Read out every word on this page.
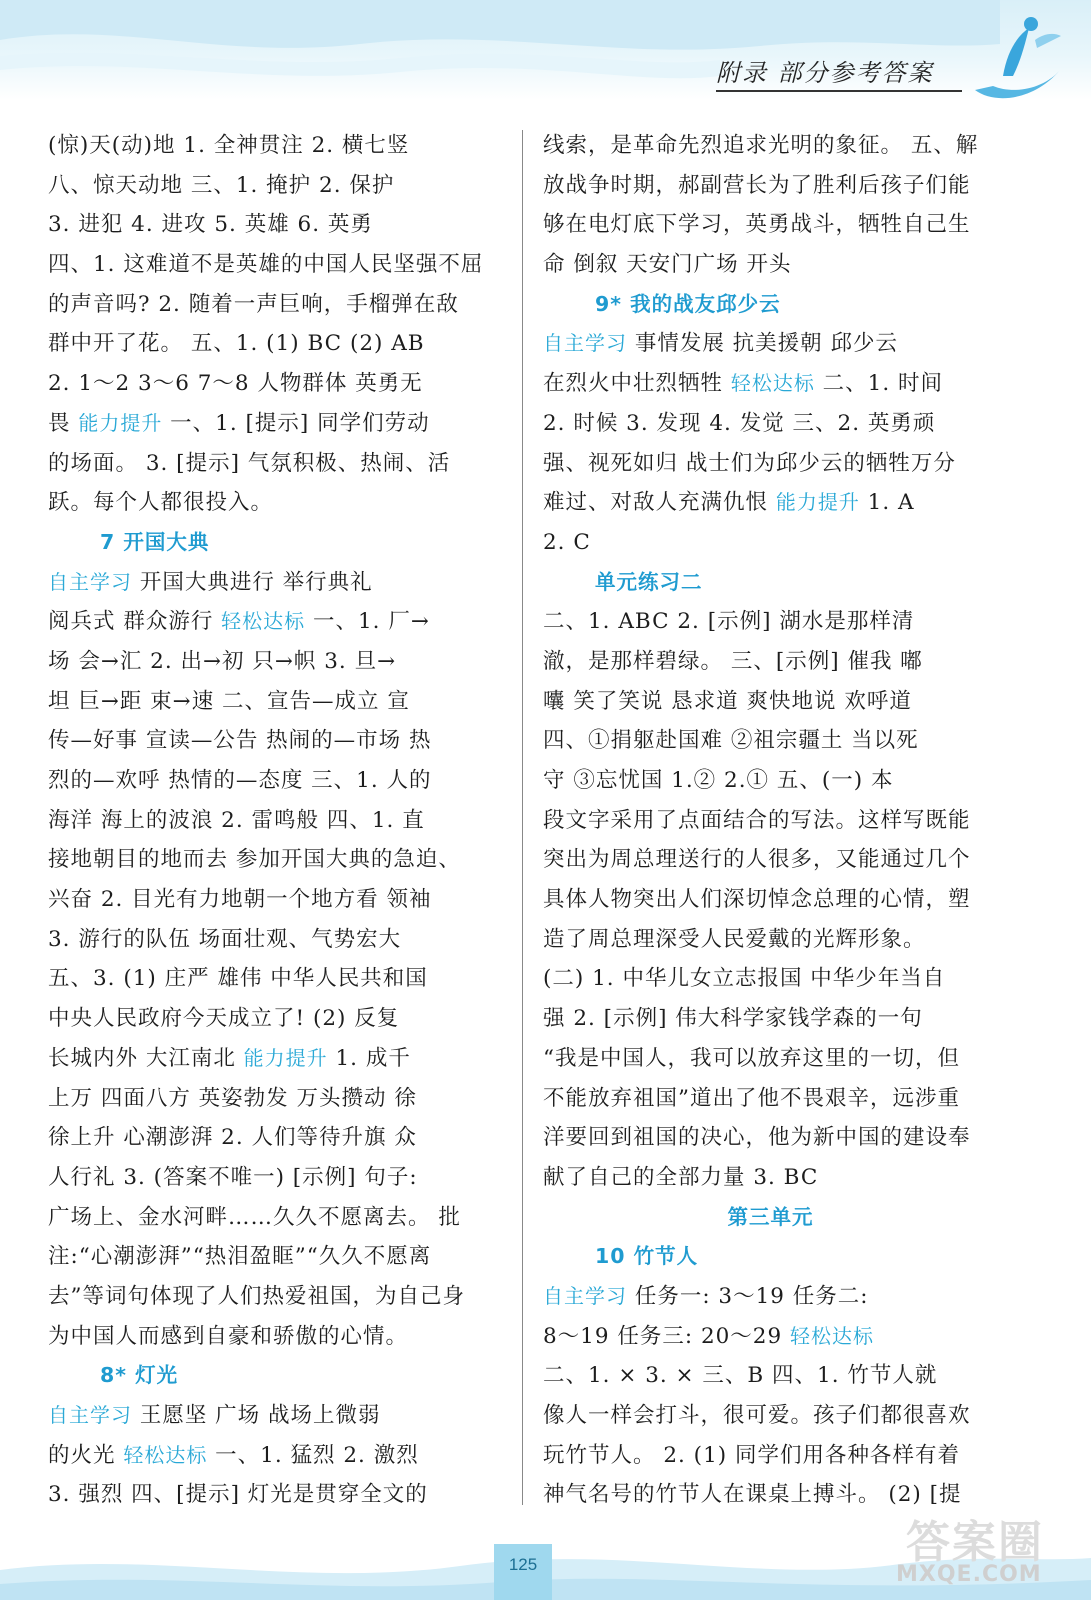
附录 部分参考答案
(惊)天(动)地 1. 全神贯注 2. 横七竖
八、惊天动地 三、1. 掩护 2. 保护
3. 进犯 4. 进攻 5. 英雄 6. 英勇
四、1. 这难道不是英雄的中国人民坚强不屈
的声音吗? 2. 随着一声巨响，手榴弹在敌
群中开了花。 五、1. (1) BC (2) AB
2. 1～2 3～6 7～8 人物群体 英勇无
畏 能力提升 一、1. [提示] 同学们劳动
的场面。 3. [提示] 气氛积极、热闹、活
跃。每个人都很投入。
7 开国大典
自主学习 开国大典进行 举行典礼
阅兵式 群众游行 轻松达标 一、1. 厂→
场 会→汇 2. 出→初 只→帜 3. 旦→
坦 巨→距 束→速 二、宣告—成立 宣
传—好事 宣读—公告 热闹的—市场 热
烈的—欢呼 热情的—态度 三、1. 人的
海洋 海上的波浪 2. 雷鸣般 四、1. 直
接地朝目的地而去 参加开国大典的急迫、
兴奋 2. 目光有力地朝一个地方看 领袖
3. 游行的队伍 场面壮观、气势宏大
五、3. (1) 庄严 雄伟 中华人民共和国
中央人民政府今天成立了! (2) 反复
长城内外 大江南北 能力提升 1. 成千
上万 四面八方 英姿勃发 万头攒动 徐
徐上升 心潮澎湃 2. 人们等待升旗 众
人行礼 3. (答案不唯一) [示例] 句子:
广场上、金水河畔……久久不愿离去。 批
注:“心潮澎湃”“热泪盈眶”“久久不愿离
去”等词句体现了人们热爱祖国，为自己身
为中国人而感到自豪和骄傲的心情。
8* 灯光
自主学习 王愿坚 广场 战场上微弱
的火光 轻松达标 一、1. 猛烈 2. 激烈
3. 强烈 四、[提示] 灯光是贯穿全文的
线索，是革命先烈追求光明的象征。 五、解
放战争时期，郝副营长为了胜利后孩子们能
够在电灯底下学习，英勇战斗，牺牲自己生
命 倒叙 天安门广场 开头
9* 我的战友邱少云
自主学习 事情发展 抗美援朝 邱少云
在烈火中壮烈牺牲 轻松达标 二、1. 时间
2. 时候 3. 发现 4. 发觉 三、2. 英勇顽
强、视死如归 战士们为邱少云的牺牲万分
难过、对敌人充满仇恨 能力提升 1. A
2. C
单元练习二
二、1. ABC 2. [示例] 湖水是那样清
澈，是那样碧绿。 三、[示例] 催我 嘟
囔 笑了笑说 恳求道 爽快地说 欢呼道
四、①捐躯赴国难 ②祖宗疆土 当以死
守 ③忘忧国 1.② 2.① 五、(一) 本
段文字采用了点面结合的写法。这样写既能
突出为周总理送行的人很多，又能通过几个
具体人物突出人们深切悼念总理的心情，塑
造了周总理深受人民爱戴的光辉形象。
(二) 1. 中华儿女立志报国 中华少年当自
强 2. [示例] 伟大科学家钱学森的一句
“我是中国人，我可以放弃这里的一切，但
不能放弃祖国”道出了他不畏艰辛，远涉重
洋要回到祖国的决心，他为新中国的建设奉
献了自己的全部力量 3. BC
第三单元
10 竹节人
自主学习 任务一: 3～19 任务二:
8～19 任务三: 20～29 轻松达标
二、1. × 3. × 三、B 四、1. 竹节人就
像人一样会打斗，很可爱。孩子们都很喜欢
玩竹节人。 2. (1) 同学们用各种各样有着
神气名号的竹节人在课桌上搏斗。 (2) [提
125	答案圈
MXQE.COM
